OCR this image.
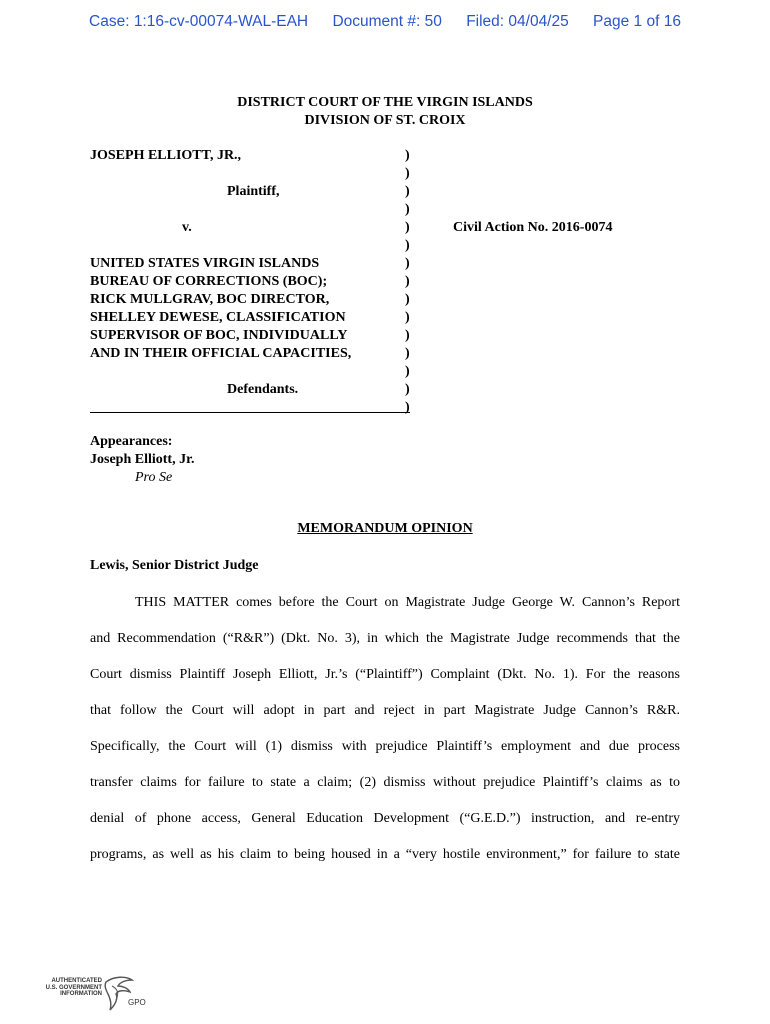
Case: 1:16-cv-00074-WAL-EAH Document #: 50 Filed: 04/04/25 Page 1 of 16
DISTRICT COURT OF THE VIRGIN ISLANDS
DIVISION OF ST. CROIX
JOSEPH ELLIOTT, JR.,
Plaintiff,
v.
UNITED STATES VIRGIN ISLANDS
BUREAU OF CORRECTIONS (BOC);
RICK MULLGRAV, BOC DIRECTOR,
SHELLEY DEWESE, CLASSIFICATION
SUPERVISOR OF BOC, INDIVIDUALLY
AND IN THEIR OFFICIAL CAPACITIES,
Defendants.
)
)
)
)
)
)
)
)
)
)
)
)
)
)
)
Civil Action No. 2016-0074
Appearances:
Joseph Elliott, Jr.
Pro Se
MEMORANDUM OPINION
Lewis, Senior District Judge
THIS MATTER comes before the Court on Magistrate Judge George W. Cannon’s Report
and Recommendation (“R&R”) (Dkt. No. 3), in which the Magistrate Judge recommends that the
Court dismiss Plaintiff Joseph Elliott, Jr.’s (“Plaintiff”) Complaint (Dkt. No. 1). For the reasons
that follow the Court will adopt in part and reject in part Magistrate Judge Cannon’s R&R.
Specifically, the Court will (1) dismiss with prejudice Plaintiff’s employment and due process
transfer claims for failure to state a claim; (2) dismiss without prejudice Plaintiff’s claims as to
denial of phone access, General Education Development (“G.E.D.”) instruction, and re-entry
programs, as well as his claim to being housed in a “very hostile environment,” for failure to state
AUTHENTICATED
U.S. GOVERNMENT
INFORMATION
GPO
